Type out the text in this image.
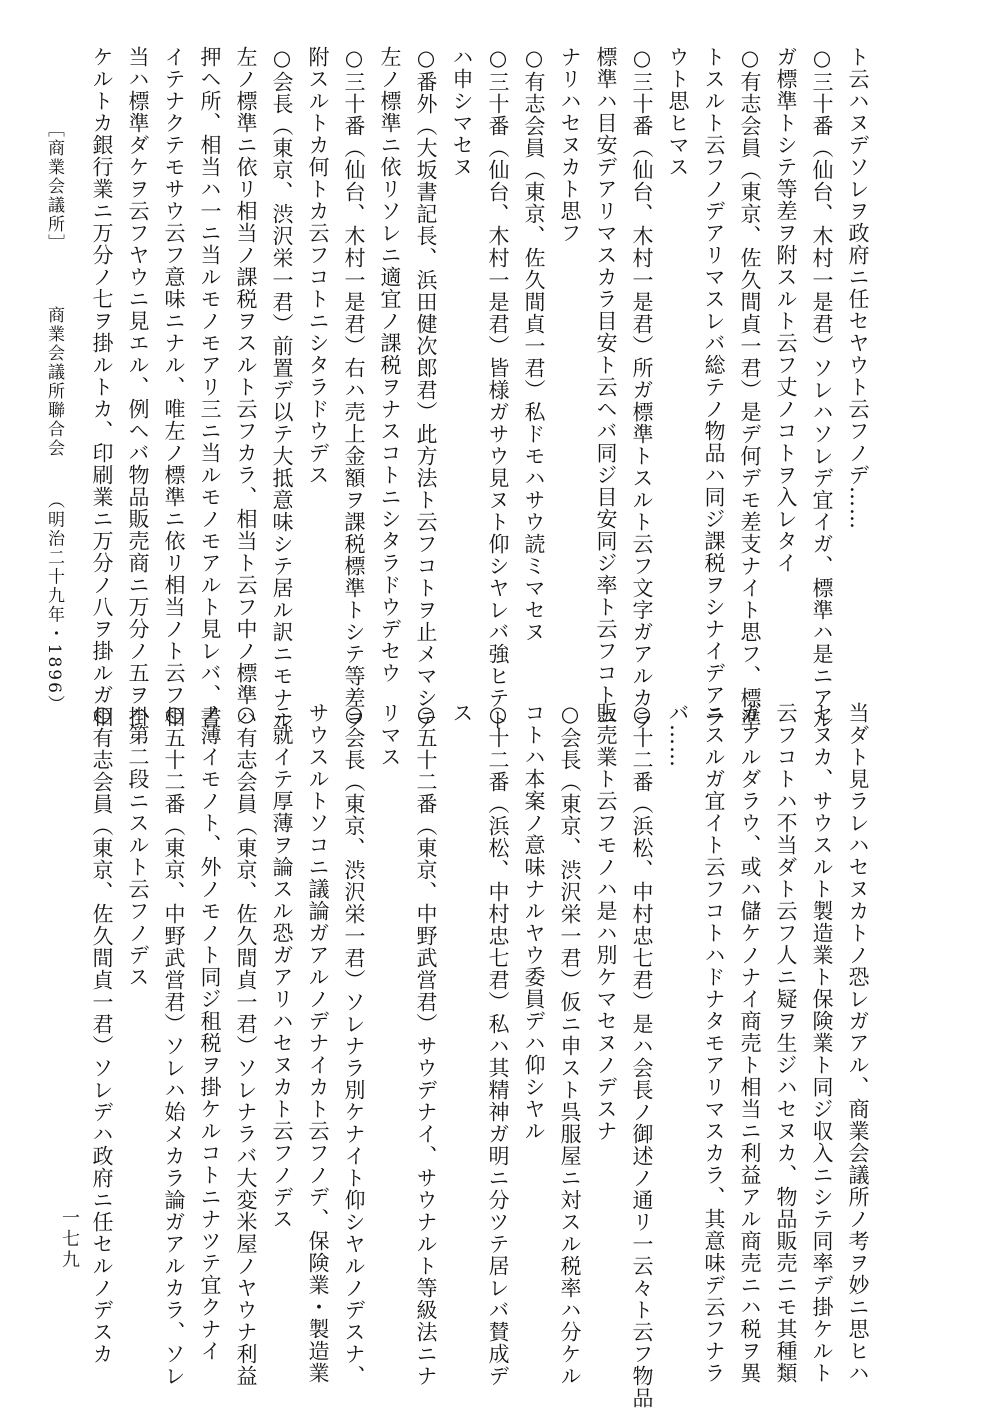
ト云ハヌデソレヲ政府ニ任セヤウト云フノデ……
○三十番（仙台、木村一是君）ソレハソレデ宜イガ、標準ハ是ニアル
ガ標準トシテ等差ヲ附スルト云フ丈ノコトヲ入レタイ
○有志会員（東京、佐久間貞一君）是デ何デモ差支ナイト思フ、標準
トスルト云フノデアリマスレバ総テノ物品ハ同ジ課税ヲシナイデアラ
ウト思ヒマス
○三十番（仙台、木村一是君）所ガ標準トスルト云フ文字ガアルカラ
標準ハ目安デアリマスカラ目安ト云ヘバ同ジ目安同ジ率ト云フコトニ
ナリハセヌカト思フ
○有志会員（東京、佐久間貞一君）私ドモハサウ読ミマセヌ
○三十番（仙台、木村一是君）皆様ガサウ見ヌト仰シヤレバ強ヒテト
ハ申シマセヌ
○番外（大坂書記長、浜田健次郎君）此方法ト云フコトヲ止メマシテ
左ノ標準ニ依リソレニ適宜ノ課税ヲナスコトニシタラドウデセウ
○三十番（仙台、木村一是君）右ハ売上金額ヲ課税標準トシテ等差ヲ
附スルトカ何トカ云フコトニシタラドウデス
○会長（東京、渋沢栄一君）前置デ以テ大抵意味シテ居ル訳ニモナル
左ノ標準ニ依リ相当ノ課税ヲスルト云フカラ、相当ト云フ中ノ標準ハ
押ヘ所、相当ハ一ニ当ルモノモアリ三ニ当ルモノモアルト見レバ、書
イテナクテモサウ云フ意味ニナル、唯左ノ標準ニ依リ相当ノト云フ相
当ハ標準ダケヲ云フヤウニ見エル、例ヘバ物品販売商ニ万分ノ五ヲ掛
ケルトカ銀行業ニ万分ノ七ヲ掛ルトカ、印刷業ニ万分ノ八ヲ掛ルガ相
当ダト見ラレハセヌカトノ恐レガアル、商業会議所ノ考ヲ妙ニ思ヒハ
セヌカ、サウスルト製造業ト保険業ト同ジ収入ニシテ同率デ掛ケルト
云フコトハ不当ダト云フ人ニ疑ヲ生ジハセヌカ、物品販売ニモ其種類
ガアルダラウ、或ハ儲ケノナイ商売ト相当ニ利益アル商売ニハ税ヲ異
ニスルガ宜イト云フコトハドナタモアリマスカラ、其意味デ云フナラ
バ……
○十二番（浜松、中村忠七君）是ハ会長ノ御述ノ通リ一云々ト云フ物品
販売業ト云フモノハ是ハ別ケマセヌノデスナ
○会長（東京、渋沢栄一君）仮ニ申スト呉服屋ニ対スル税率ハ分ケル
コトハ本案ノ意味ナルヤウ委員デハ仰シヤル
○十二番（浜松、中村忠七君）私ハ其精神ガ明ニ分ツテ居レバ賛成デ
ス
○五十二番（東京、中野武営君）サウデナイ、サウナルト等級法ニナ
リマス
○会長（東京、渋沢栄一君）ソレナラ別ケナイト仰シヤルノデスナ、
サウスルトソコニ議論ガアルノデナイカト云フノデ、保険業・製造業
ニ就イテ厚薄ヲ論スル恐ガアリハセヌカト云フノデス
○有志会員（東京、佐久間貞一君）ソレナラバ大変米屋ノヤウナ利益
ノ薄イモノト、外ノモノト同ジ租税ヲ掛ケルコトニナツテ宜クナイ
○五十二番（東京、中野武営君）ソレハ始メカラ論ガアルカラ、ソレ
ハ第二段ニスルト云フノデス
○有志会員（東京、佐久間貞一君）ソレデハ政府ニ任セルノデスカ
［商業会議所］ 　　 商業会議所聯合会 　 （明治二十九年・1896）
一七九
